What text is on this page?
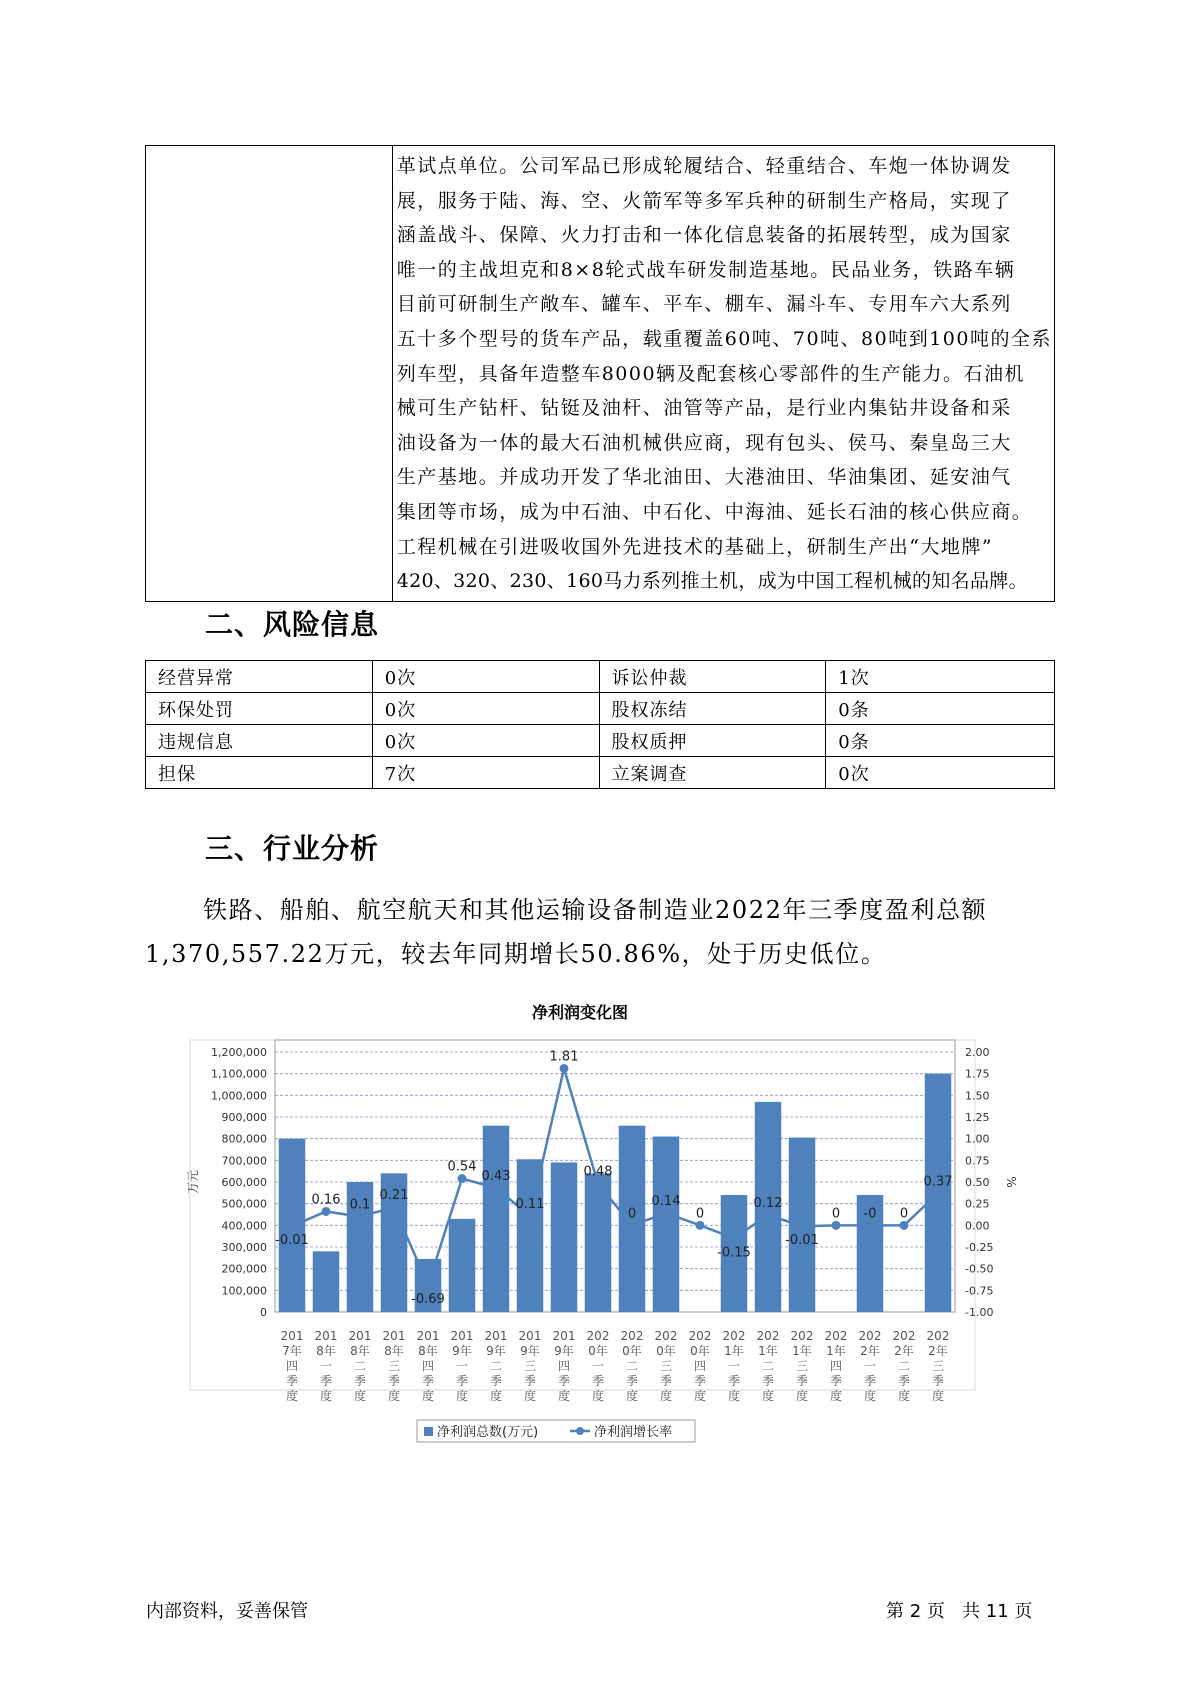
革试点单位。公司军品已形成轮履结合、轻重结合、车炮一体协调发
展，服务于陆、海、空、火箭军等多军兵种的研制生产格局，实现了
涵盖战斗、保障、火力打击和一体化信息装备的拓展转型，成为国家
唯一的主战坦克和8×8轮式战车研发制造基地。民品业务，铁路车辆
目前可研制生产敞车、罐车、平车、棚车、漏斗车、专用车六大系列
五十多个型号的货车产品，载重覆盖60吨、70吨、80吨到100吨的全系
列车型，具备年造整车8000辆及配套核心零部件的生产能力。石油机
械可生产钻杆、钻铤及油杆、油管等产品，是行业内集钻井设备和采
油设备为一体的最大石油机械供应商，现有包头、侯马、秦皇岛三大
生产基地。并成功开发了华北油田、大港油田、华油集团、延安油气
集团等市场，成为中石油、中石化、中海油、延长石油的核心供应商。
工程机械在引进吸收国外先进技术的基础上，研制生产出“大地牌”
420、320、230、160马力系列推土机，成为中国工程机械的知名品牌。
二、风险信息
经营异常	0次	诉讼仲裁	1次
环保处罚	0次	股权冻结	0条
违规信息	0次	股权质押	0条
担保	7次	立案调查	0次
三、行业分析
铁路、船舶、航空航天和其他运输设备制造业2022年三季度盈利总额
1,370,557.22万元，较去年同期增长50.86%，处于历史低位。
净利润变化图
0
100,000
200,000
300,000
400,000
500,000
600,000
700,000
800,000
900,000
1,000,000
1,100,000
1,200,000
-1.00
-0.75
-0.50
-0.25
0.00
0.25
0.50
0.75
1.00
1.25
1.50
1.75
2.00
万元	%
201
7年
四
季
度
201
8年
一
季
度
201
8年
二
季
度
201
8年
三
季
度
201
8年
四
季
度
201
9年
一
季
度
201
9年
二
季
度
201
9年
三
季
度
201
9年
四
季
度
202
0年
一
季
度
202
0年
二
季
度
202
0年
三
季
度
202
0年
四
季
度
202
1年
一
季
度
202
1年
二
季
度
202
1年
三
季
度
202
1年
四
季
度
202
2年
一
季
度
202
2年
二
季
度
202
2年
三
季
度
-0.01
0.16 0.1
0.21
-0.69
0.54
0.43
0.11
1.81
0.48
0
0.14
0
-0.15
0.12
-0.01
0 -0 0
0.37
净利润总数(万元)	净利润增长率
内部资料，妥善保管	第 2 页   共 11 页
